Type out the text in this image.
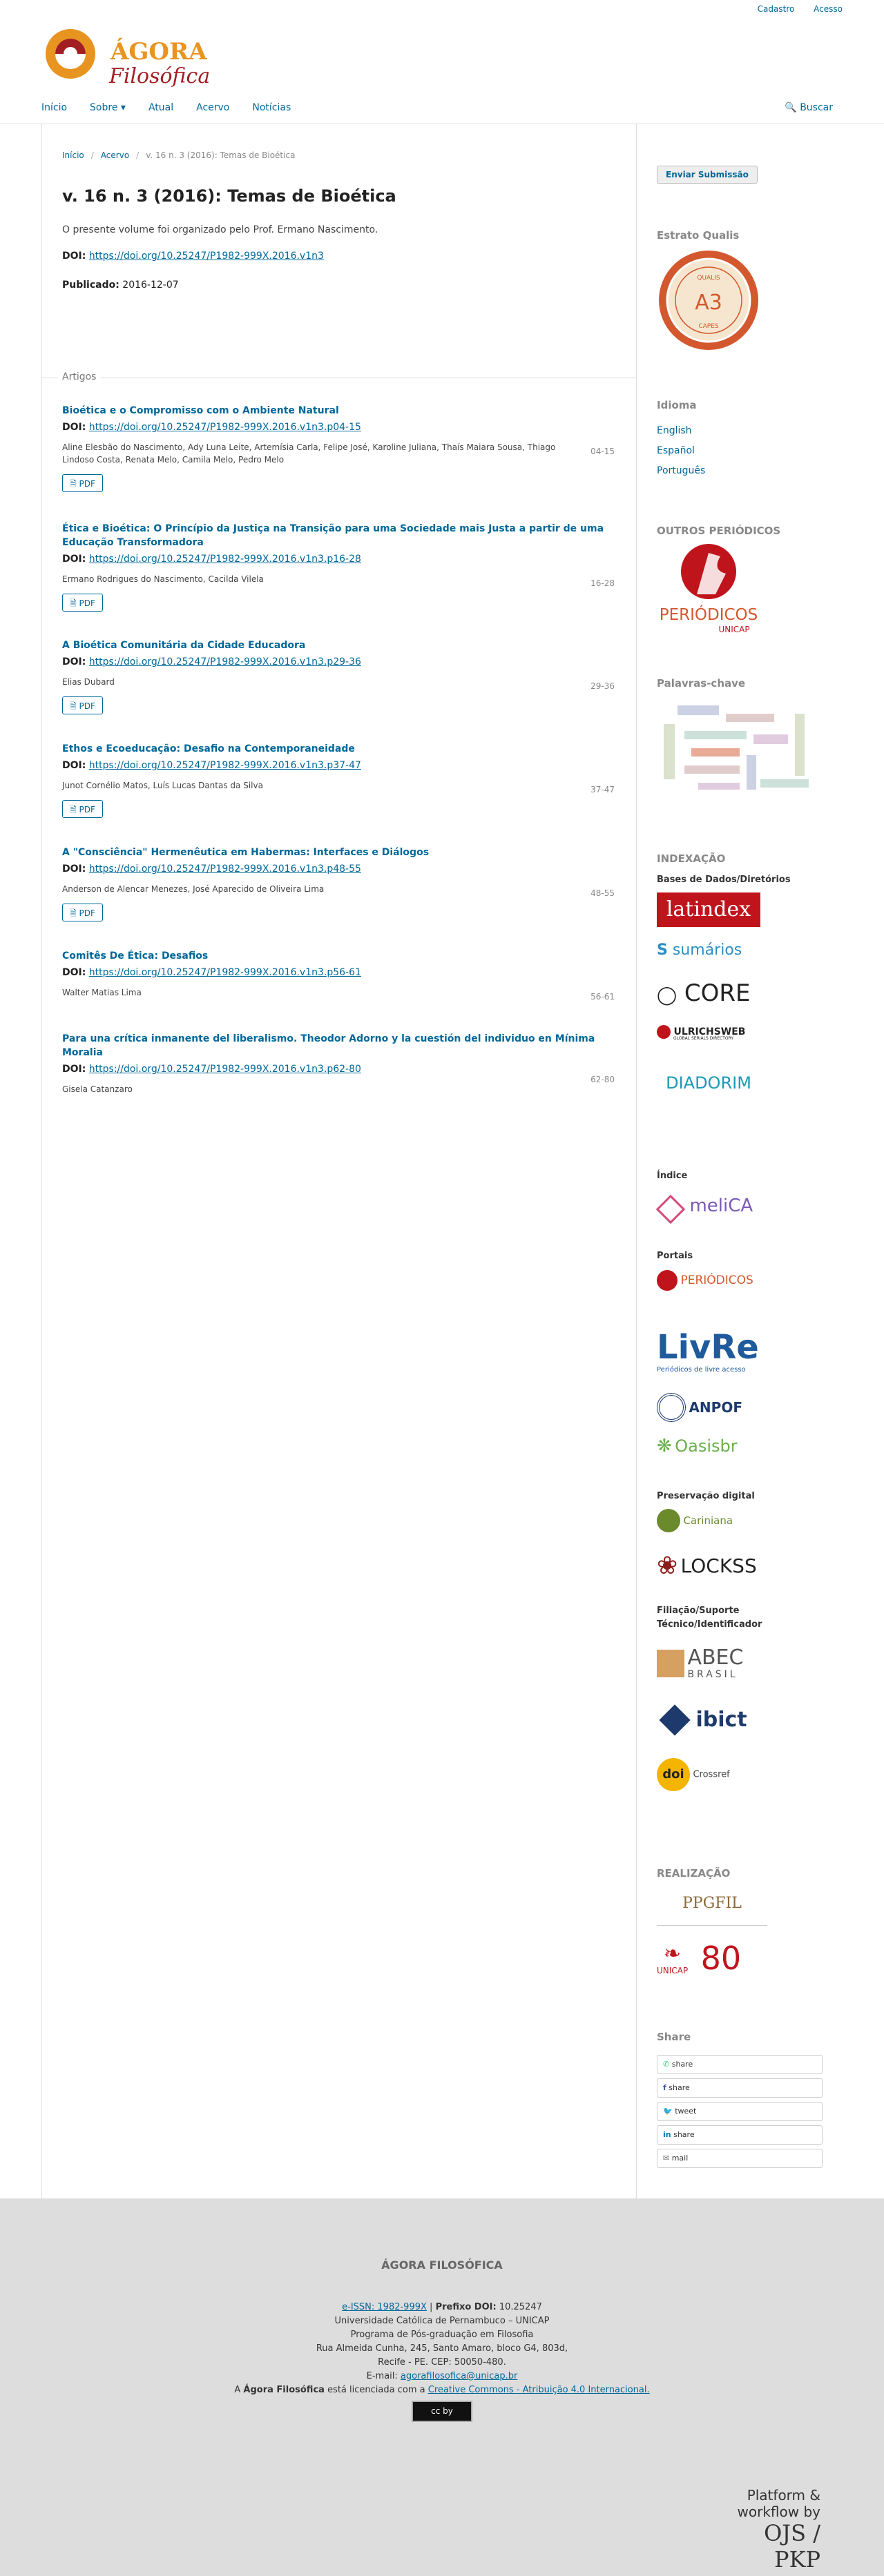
Cadastro Acesso
ÁGORA
Filosófica
Início Sobre ▾ Atual Acervo Notícias	🔍 Buscar
Início / Acervo / v. 16 n. 3 (2016): Temas de Bioética
v. 16 n. 3 (2016): Temas de Bioética
O presente volume foi organizado pelo Prof. Ermano Nascimento.
DOI: https://doi.org/10.25247/P1982-999X.2016.v1n3
Publicado: 2016-12-07
Artigos
Bioética e o Compromisso com o Ambiente Natural
DOI: https://doi.org/10.25247/P1982-999X.2016.v1n3.p04-15
04-15
Aline Elesbão do Nascimento, Ady Luna Leite, Artemísia Carla, Felipe José, Karoline Juliana, Thaís Maiara Sousa, Thiago Lindoso Costa, Renata Melo, Camila Melo, Pedro Melo
🗎 PDF
Ética e Bioética: O Princípio da Justiça na Transição para uma Sociedade mais Justa a partir de uma Educação Transformadora
DOI: https://doi.org/10.25247/P1982-999X.2016.v1n3.p16-28
16-28
Ermano Rodrigues do Nascimento, Cacilda Vilela
🗎 PDF
A Bioética Comunitária da Cidade Educadora
DOI: https://doi.org/10.25247/P1982-999X.2016.v1n3.p29-36
29-36
Elias Dubard
🗎 PDF
Ethos e Ecoeducação: Desafio na Contemporaneidade
DOI: https://doi.org/10.25247/P1982-999X.2016.v1n3.p37-47
37-47
Junot Cornélio Matos, Luís Lucas Dantas da Silva
🗎 PDF
A "Consciência" Hermenêutica em Habermas: Interfaces e Diálogos
DOI: https://doi.org/10.25247/P1982-999X.2016.v1n3.p48-55
48-55
Anderson de Alencar Menezes, José Aparecido de Oliveira Lima
🗎 PDF
Comitês De Ética: Desafios
DOI: https://doi.org/10.25247/P1982-999X.2016.v1n3.p56-61
56-61
Walter Matias Lima
Para una crítica inmanente del liberalismo. Theodor Adorno y la cuestión del individuo en Mínima Moralia
DOI: https://doi.org/10.25247/P1982-999X.2016.v1n3.p62-80
62-80
Gisela Catanzaro
Enviar Submissão
Estrato Qualis
QUALIS
A3
CAPES
Idioma
English
Español
Português
OUTROS PERIÓDICOS
PERIÓDICOS
UNICAP
Palavras-chave
INDEXAÇÃO
Bases de Dados/Diretórios
latindex
S sumários
◯ CORE
ULRICHSWEB
GLOBAL SERIALS DIRECTORY
DIADORIM
Índice
meliCA
Portais
PERIÓDICOS
LivRe
Periódicos de livre acesso
ANPOF
❋ Oasisbr
Preservação digital
Cariniana
❀ LOCKSS
Filiação/Suporte Técnico/Identificador

ABEC
BRASIL
ibict
doi Crossref
REALIZAÇÃO
PPGFIL
❧
UNICAP 80
Share
✆ share
f share
🐦 tweet
in share
✉ mail
ÁGORA FILOSÓFICA
e-ISSN: 1982-999X | Prefixo DOI: 10.25247
Universidade Católica de Pernambuco – UNICAP
Programa de Pós-graduação em Filosofia
Rua Almeida Cunha, 245, Santo Amaro, bloco G4, 803d,
Recife - PE. CEP: 50050-480.
E-mail: agorafilosofica@unicap.br
A Ágora Filosófica está licenciada com a Creative Commons - Atribuição 4.0 Internacional.
cc by
Platform &
workflow by
OJS / PKP
